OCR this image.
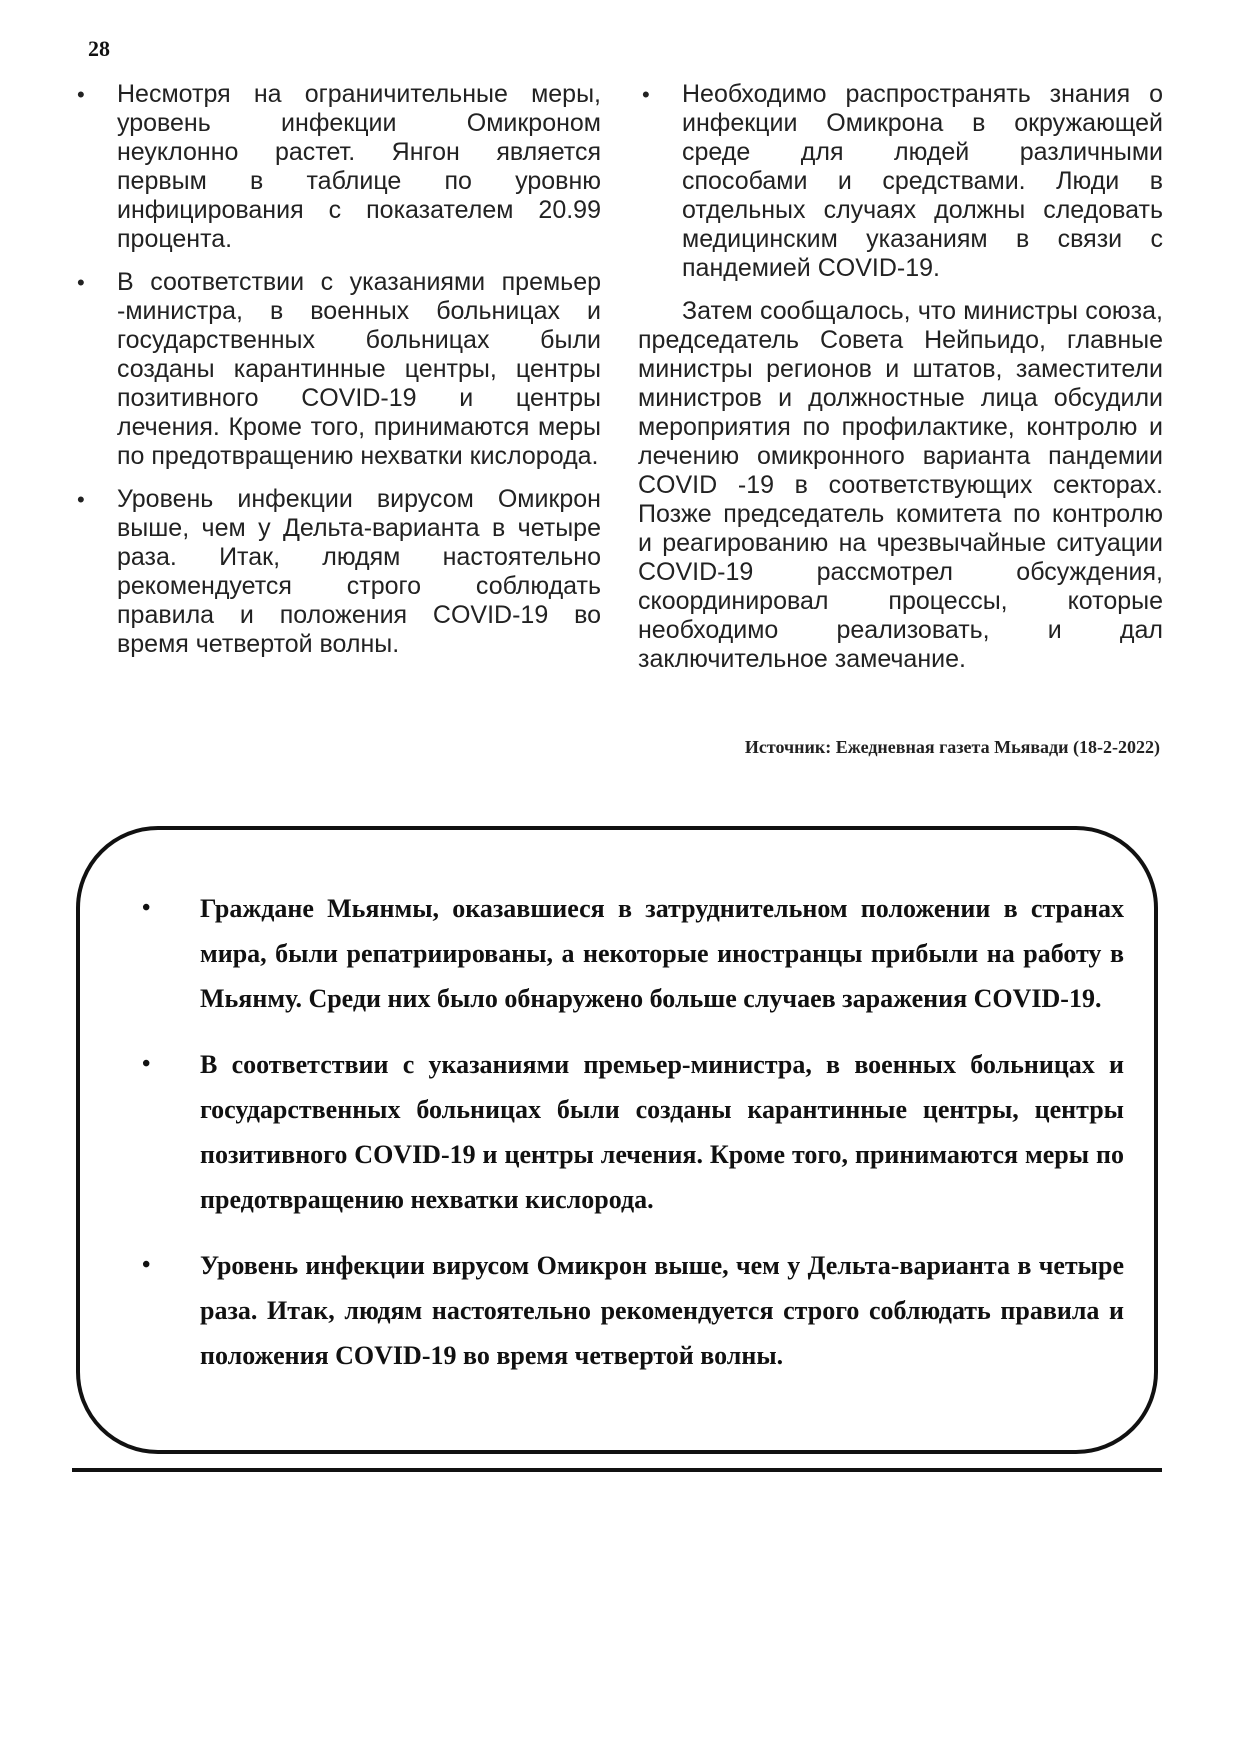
28
• Несмотря на ограничительные меры, уровень инфекции Омикроном неуклонно растет. Янгон является первым в таблице по уровню инфицирования с показателем 20.99 процента.
• В соответствии с указаниями премьер -министра, в военных больницах и государственных больницах были созданы карантинные центры, центры позитивного COVID-19 и центры лечения. Кроме того, принимаются меры по предотвращению нехватки кислорода.
• Уровень инфекции вирусом Омикрон выше, чем у Дельта-варианта в четыре раза. Итак, людям настоятельно рекомендуется строго соблюдать правила и положения COVID-19 во время четвертой волны.
• Необходимо распространять знания о инфекции Омикрона в окружающей среде для людей различными способами и средствами. Люди в отдельных случаях должны следовать медицинским указаниям в связи с пандемией COVID-19.

Затем сообщалось, что министры союза, председатель Совета Нейпьидо, главные министры регионов и штатов, заместители министров и должностные лица обсудили мероприятия по профилактике, контролю и лечению омикронного варианта пандемии COVID -19 в соответствующих секторах. Позже председатель комитета по контролю и реагированию на чрезвычайные ситуации COVID-19 рассмотрел обсуждения, скоординировал процессы, которые необходимо реализовать, и дал заключительное замечание.

Источник: Ежедневная газета Мьявади (18-2-2022)
• Граждане Мьянмы, оказавшиеся в затруднительном положении в странах мира, были репатриированы, а некоторые иностранцы прибыли на работу в Мьянму. Среди них было обнаружено больше случаев заражения COVID-19.
• В соответствии с указаниями премьер-министра, в военных больницах и государственных больницах были созданы карантинные центры, центры позитивного COVID-19 и центры лечения. Кроме того, принимаются меры по предотвращению нехватки кислорода.
• Уровень инфекции вирусом Омикрон выше, чем у Дельта-варианта в четыре раза. Итак, людям настоятельно рекомендуется строго соблюдать правила и положения COVID-19 во время четвертой волны.
